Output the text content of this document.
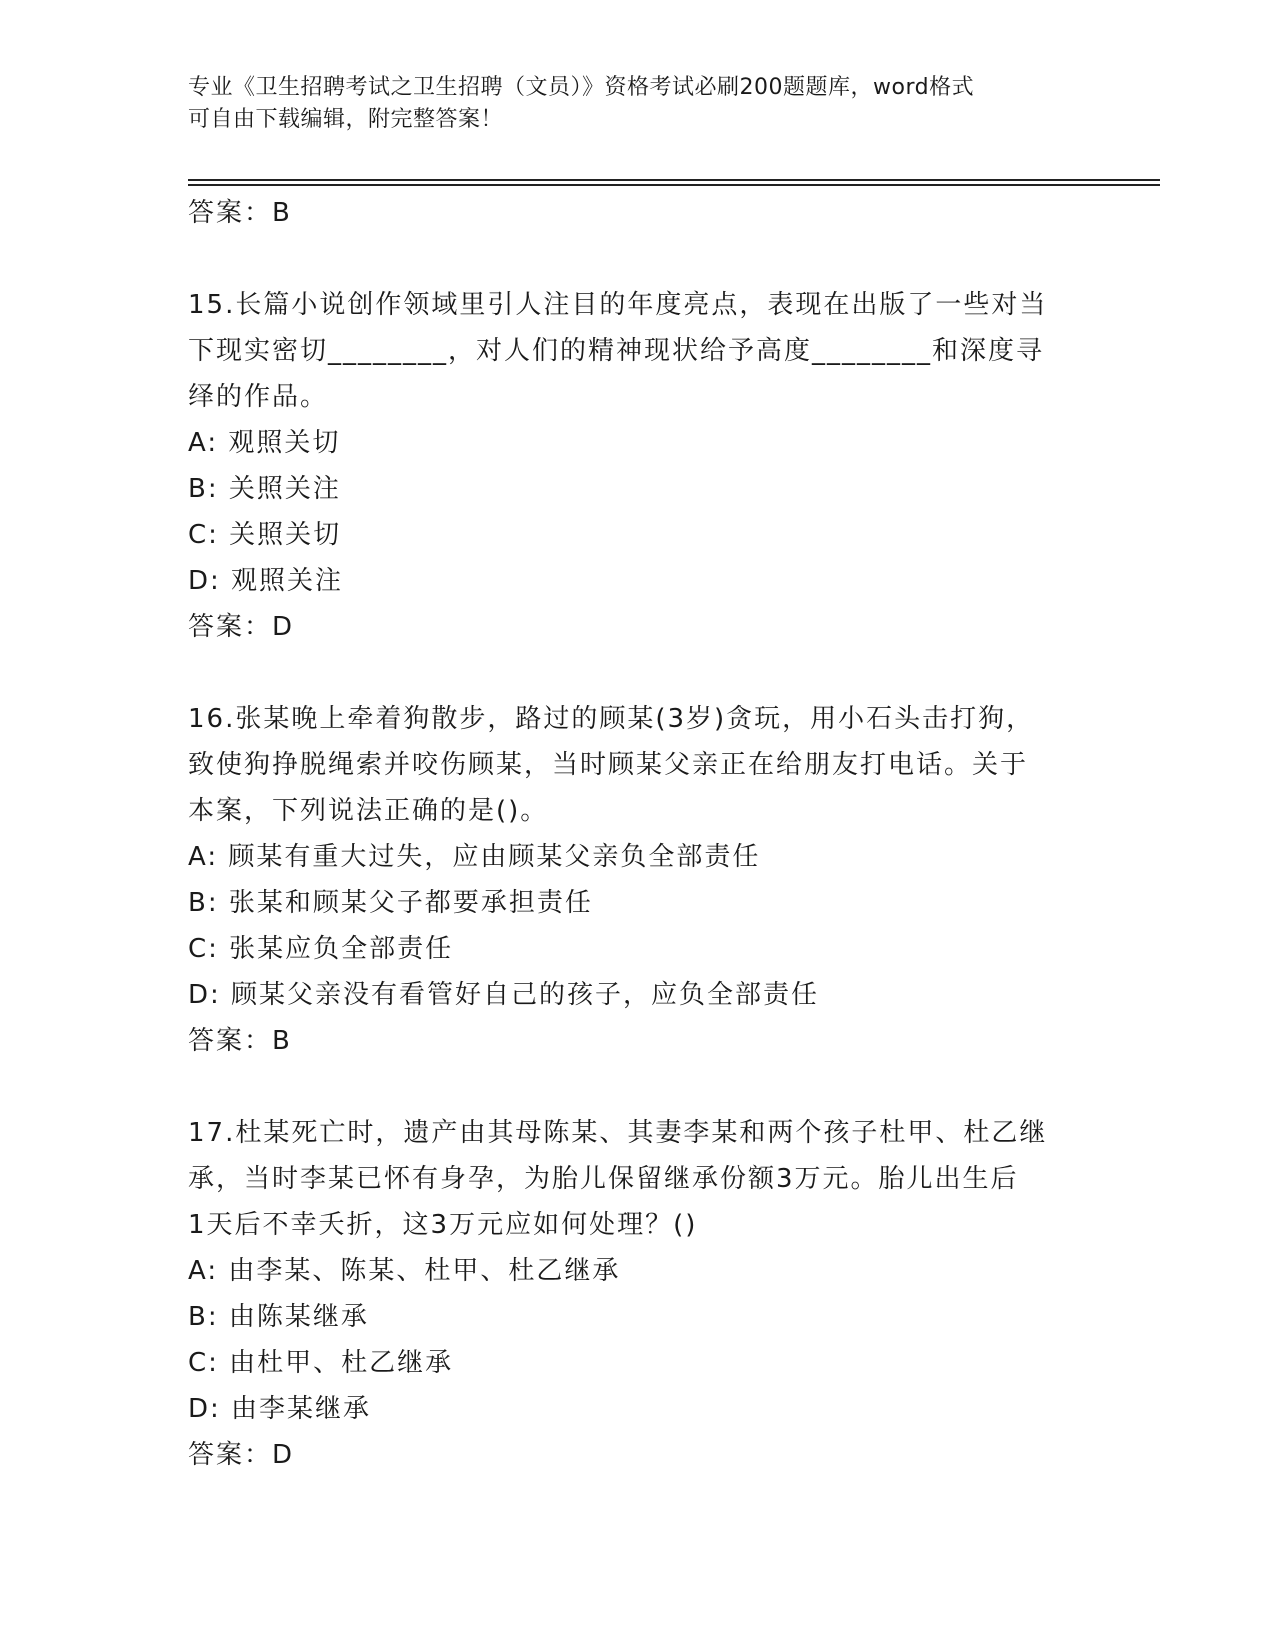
专业《卫生招聘考试之卫生招聘（文员）》资格考试必刷200题题库，word格式
可自由下载编辑，附完整答案！

答案：B

15.长篇小说创作领域里引人注目的年度亮点，表现在出版了一些对当

下现实密切________，对人们的精神现状给予高度________和深度寻

绎的作品。

A: 观照关切

B: 关照关注

C: 关照关切

D: 观照关注

答案：D

16.张某晚上牵着狗散步，路过的顾某(3岁)贪玩，用小石头击打狗，

致使狗挣脱绳索并咬伤顾某，当时顾某父亲正在给朋友打电话。关于

本案，下列说法正确的是()。

A: 顾某有重大过失，应由顾某父亲负全部责任

B: 张某和顾某父子都要承担责任

C: 张某应负全部责任

D: 顾某父亲没有看管好自己的孩子，应负全部责任

答案：B

17.杜某死亡时，遗产由其母陈某、其妻李某和两个孩子杜甲、杜乙继

承，当时李某已怀有身孕，为胎儿保留继承份额3万元。胎儿出生后

1天后不幸夭折，这3万元应如何处理？()

A: 由李某、陈某、杜甲、杜乙继承

B: 由陈某继承

C: 由杜甲、杜乙继承

D: 由李某继承

答案：D
